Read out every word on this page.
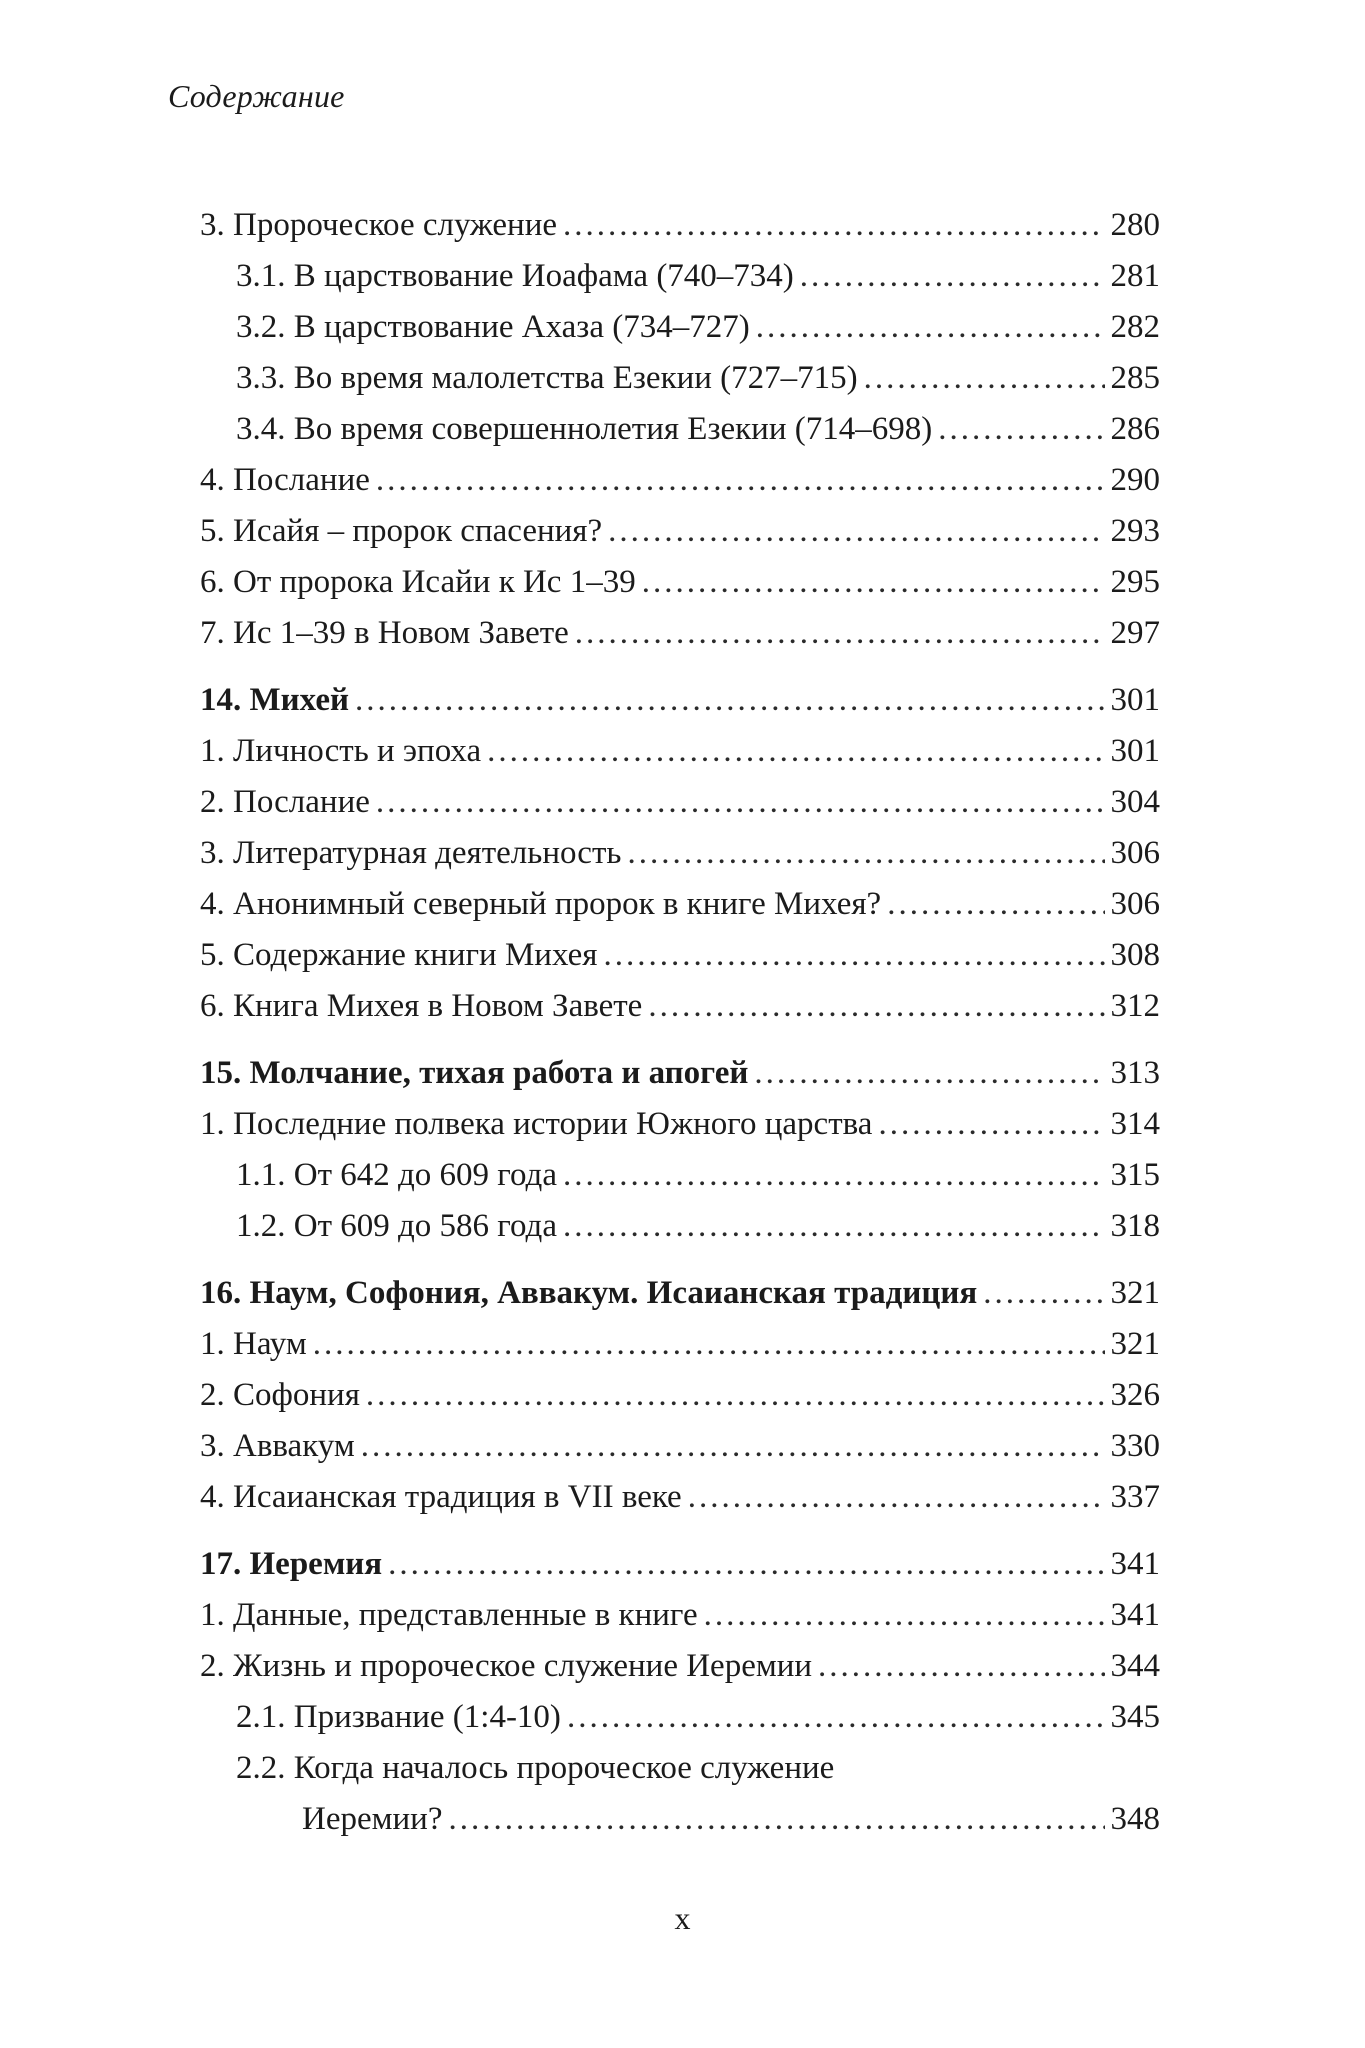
Содержание
3. Пророческое служение .....	280
3.1. В царствование Иоафама (740–734) .....	281
3.2. В царствование Ахаза (734–727) .....	282
3.3. Во время малолетства Езекии (727–715) .....	285
3.4. Во время совершеннолетия Езекии (714–698) .....	286
4. Послание .....	290
5. Исайя – пророк спасения? .....	293
6. От пророка Исайи к Ис 1–39 .....	295
7. Ис 1–39 в Новом Завете .....	297
14. Михей .....	301
1. Личность и эпоха .....	301
2. Послание .....	304
3. Литературная деятельность .....	306
4. Анонимный северный пророк в книге Михея? .....	306
5. Содержание книги Михея .....	308
6. Книга Михея в Новом Завете .....	312
15. Молчание, тихая работа и апогей .....	313
1. Последние полвека истории Южного царства .....	314
1.1. От 642 до 609 года .....	315
1.2. От 609 до 586 года .....	318
16. Наум, Софония, Аввакум. Исаианская традиция .....	321
1. Наум .....	321
2. Софония .....	326
3. Аввакум .....	330
4. Исаианская традиция в VII веке .....	337
17. Иеремия .....	341
1. Данные, представленные в книге .....	341
2. Жизнь и пророческое служение Иеремии .....	344
2.1. Призвание (1:4-10) .....	345
2.2. Когда началось пророческое служение
Иеремии? .....	348
x
